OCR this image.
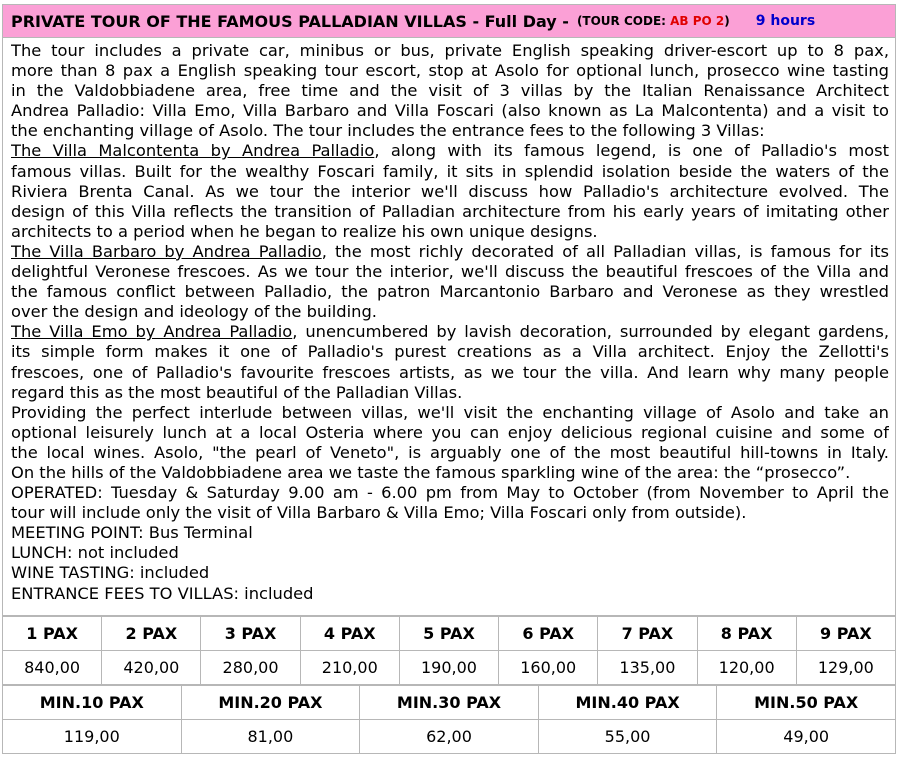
PRIVATE TOUR OF THE FAMOUS PALLADIAN VILLAS - Full Day - (TOUR CODE: AB PO 2) 9 hours
The tour includes a private car, minibus or bus, private English speaking driver-escort up to 8 pax,
more than 8 pax a English speaking tour escort, stop at Asolo for optional lunch, prosecco wine tasting
in the Valdobbiadene area, free time and the visit of 3 villas by the Italian Renaissance Architect
Andrea Palladio: Villa Emo, Villa Barbaro and Villa Foscari (also known as La Malcontenta) and a visit to
the enchanting village of Asolo. The tour includes the entrance fees to the following 3 Villas:
The Villa Malcontenta by Andrea Palladio, along with its famous legend, is one of Palladio's most
famous villas. Built for the wealthy Foscari family, it sits in splendid isolation beside the waters of the
Riviera Brenta Canal. As we tour the interior we'll discuss how Palladio's architecture evolved. The
design of this Villa reflects the transition of Palladian architecture from his early years of imitating other
architects to a period when he began to realize his own unique designs.
The Villa Barbaro by Andrea Palladio, the most richly decorated of all Palladian villas, is famous for its
delightful Veronese frescoes. As we tour the interior, we'll discuss the beautiful frescoes of the Villa and
the famous conflict between Palladio, the patron Marcantonio Barbaro and Veronese as they wrestled
over the design and ideology of the building.
The Villa Emo by Andrea Palladio, unencumbered by lavish decoration, surrounded by elegant gardens,
its simple form makes it one of Palladio's purest creations as a Villa architect. Enjoy the Zellotti's
frescoes, one of Palladio's favourite frescoes artists, as we tour the villa. And learn why many people
regard this as the most beautiful of the Palladian Villas.
Providing the perfect interlude between villas, we'll visit the enchanting village of Asolo and take an
optional leisurely lunch at a local Osteria where you can enjoy delicious regional cuisine and some of
the local wines. Asolo, "the pearl of Veneto", is arguably one of the most beautiful hill-towns in Italy.
On the hills of the Valdobbiadene area we taste the famous sparkling wine of the area: the “prosecco”.
OPERATED: Tuesday & Saturday 9.00 am - 6.00 pm from May to October (from November to April the
tour will include only the visit of Villa Barbaro & Villa Emo; Villa Foscari only from outside).
MEETING POINT: Bus Terminal
LUNCH: not included
WINE TASTING: included
ENTRANCE FEES TO VILLAS: included
1 PAX	2 PAX	3 PAX	4 PAX	5 PAX	6 PAX	7 PAX	8 PAX	9 PAX
840,00	420,00	280,00	210,00	190,00	160,00	135,00	120,00	129,00
MIN.10 PAX	MIN.20 PAX	MIN.30 PAX	MIN.40 PAX	MIN.50 PAX
119,00	81,00	62,00	55,00	49,00
